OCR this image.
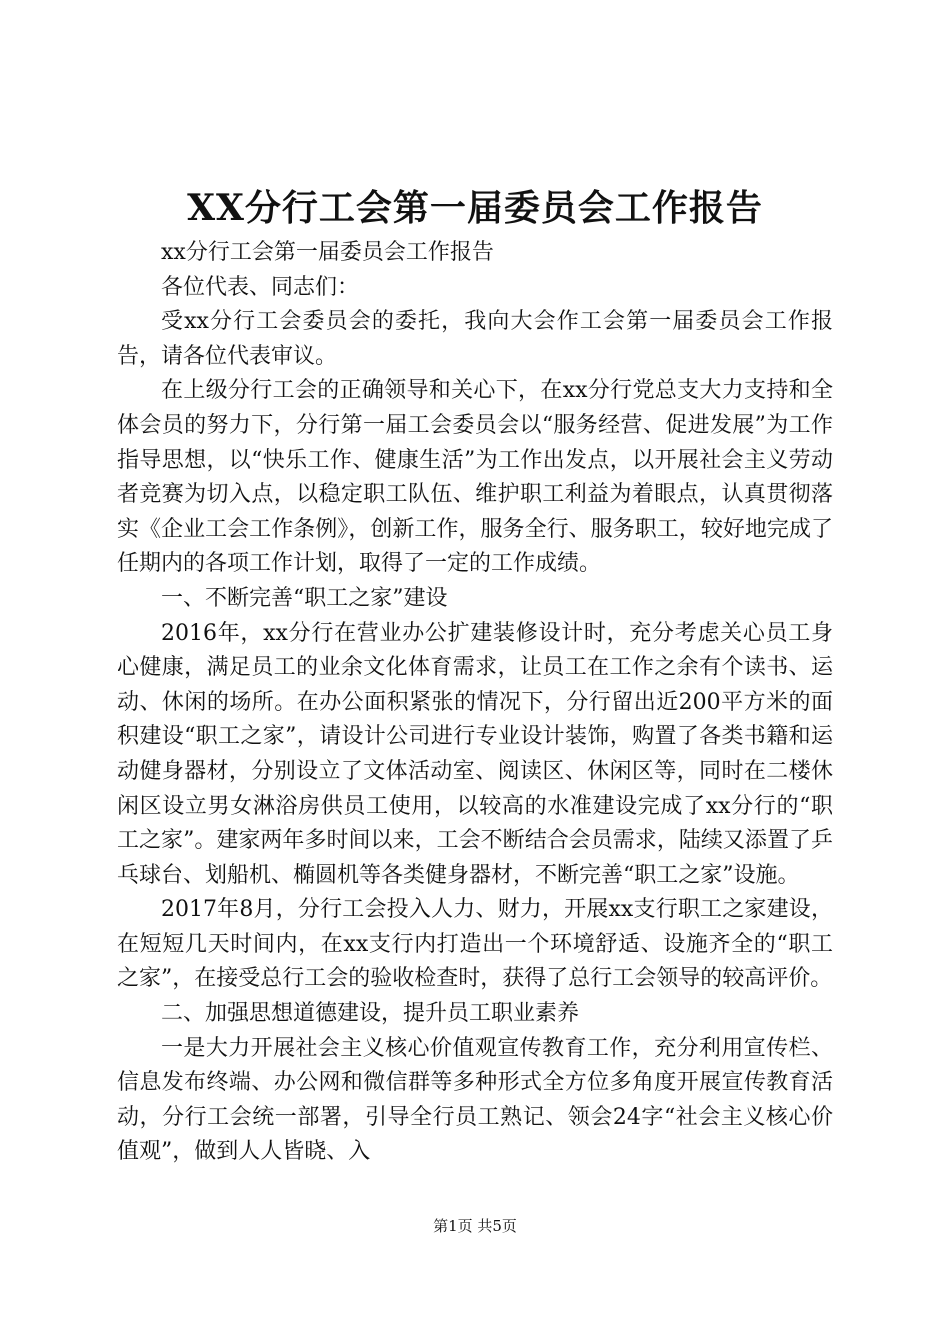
XX分行工会第一届委员会工作报告

xx分行工会第一届委员会工作报告

各位代表、同志们：

受xx分行工会委员会的委托，我向大会作工会第一届委员会工作报告，请各位代表审议。

在上级分行工会的正确领导和关心下，在xx分行党总支大力支持和全体会员的努力下，分行第一届工会委员会以“服务经营、促进发展”为工作指导思想，以“快乐工作、健康生活”为工作出发点，以开展社会主义劳动者竞赛为切入点，以稳定职工队伍、维护职工利益为着眼点，认真贯彻落实《企业工会工作条例》，创新工作，服务全行、服务职工，较好地完成了任期内的各项工作计划，取得了一定的工作成绩。

一、不断完善“职工之家”建设

2016年，xx分行在营业办公扩建装修设计时，充分考虑关心员工身心健康，满足员工的业余文化体育需求，让员工在工作之余有个读书、运动、休闲的场所。在办公面积紧张的情况下，分行留出近200平方米的面积建设“职工之家”，请设计公司进行专业设计装饰，购置了各类书籍和运动健身器材，分别设立了文体活动室、阅读区、休闲区等，同时在二楼休闲区设立男女淋浴房供员工使用，以较高的水准建设完成了xx分行的“职工之家”。建家两年多时间以来，工会不断结合会员需求，陆续又添置了乒乓球台、划船机、椭圆机等各类健身器材，不断完善“职工之家”设施。

2017年8月，分行工会投入人力、财力，开展xx支行职工之家建设，在短短几天时间内，在xx支行内打造出一个环境舒适、设施齐全的“职工之家”，在接受总行工会的验收检查时，获得了总行工会领导的较高评价。

二、加强思想道德建设，提升员工职业素养

一是大力开展社会主义核心价值观宣传教育工作，充分利用宣传栏、信息发布终端、办公网和微信群等多种形式全方位多角度开展宣传教育活动，分行工会统一部署，引导全行员工熟记、领会24字“社会主义核心价值观”，做到人人皆晓、入

第1页 共5页
